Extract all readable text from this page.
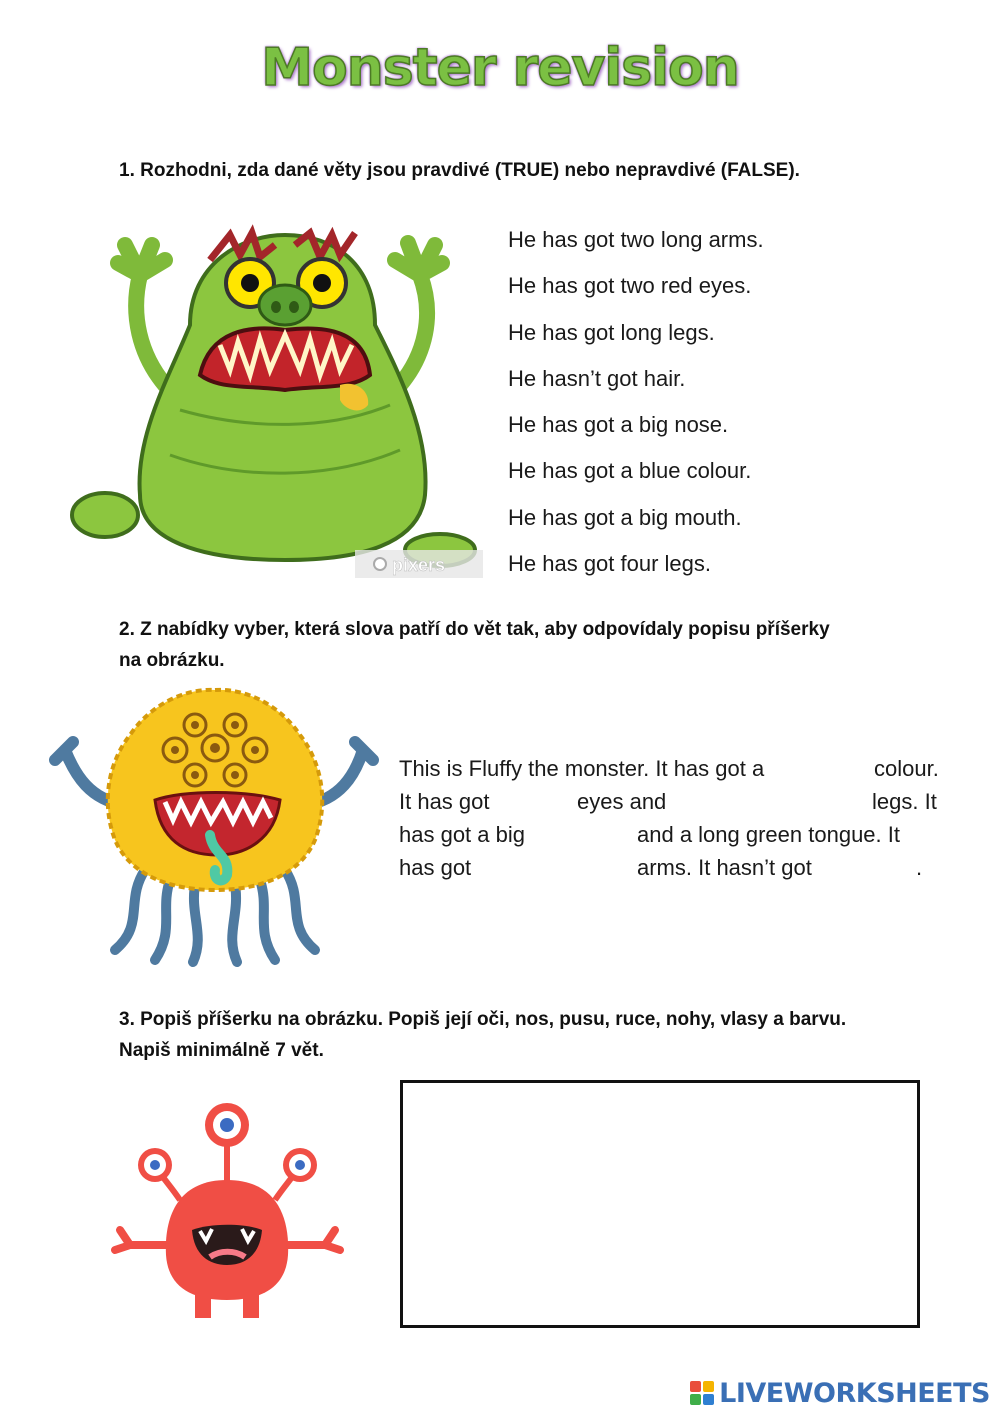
Monster revision
1. Rozhodni, zda dané věty jsou pravdivé (TRUE) nebo nepravdivé (FALSE).
pixers
He has got two long arms.
He has got two red eyes.
He has got long legs.
He hasn’t got hair.
He has got a big nose.
He has got a blue colour.
He has got a big mouth.
He has got four legs.
2. Z nabídky vyber, která slova patří do vět tak, aby odpovídaly popisu příšerky
na obrázku.
This is Fluffy the monster. It has got a	colour.
It has got	eyes and	legs. It
has got a big	and a long green tongue. It
has got	arms. It hasn’t got	.
3. Popiš příšerku na obrázku. Popiš její oči, nos, pusu, ruce, nohy, vlasy a barvu.
Napiš minimálně 7 vět.
LIVEWORKSHEETS
